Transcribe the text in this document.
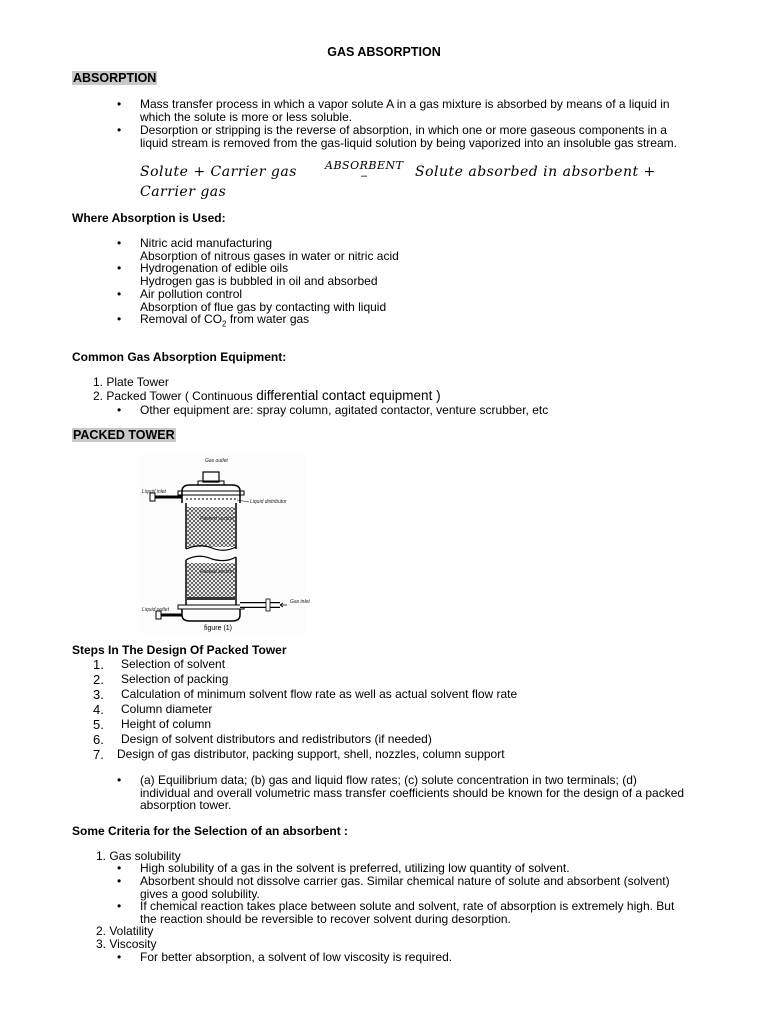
GAS ABSORPTION
ABSORPTION
• Mass transfer process in which a vapor solute A in a gas mixture is absorbed by means of a liquid in
which the solute is more or less soluble.
• Desorption or stripping is the reverse of absorption, in which one or more gaseous components in a
liquid stream is removed from the gas-liquid solution by being vaporized into an insoluble gas stream.
Solute + Carrier gas	ABSORBENT
–	Solute absorbed in absorbent +
Carrier gas
Where Absorption is Used:
• Nitric acid manufacturing
Absorption of nitrous gases in water or nitric acid
• Hydrogenation of edible oils
Hydrogen gas is bubbled in oil and absorbed
• Air pollution control
Absorption of flue gas by contacting with liquid
• Removal of $CO_2$ from water gas
Common Gas Absorption Equipment:
1. Plate Tower
2. Packed Tower ( Continuous differential contact equipment )
• Other equipment are: spray column, agitated contactor, venture scrubber, etc
PACKED TOWER
Gas outlet
Liquid inlet
Liquid distributor
Packed section
Packed section
Gas inlet
Liquid outlet
figure (1)
Steps In The Design Of Packed Tower
1. Selection of solvent
2. Selection of packing
3. Calculation of minimum solvent flow rate as well as actual solvent flow rate
4. Column diameter
5. Height of column
6. Design of solvent distributors and redistributors (if needed)
7. Design of gas distributor, packing support, shell, nozzles, column support
• (a) Equilibrium data; (b) gas and liquid flow rates; (c) solute concentration in two terminals; (d)
individual and overall volumetric mass transfer coefficients should be known for the design of a packed
absorption tower.
Some Criteria for the Selection of an absorbent :
1. Gas solubility
• High solubility of a gas in the solvent is preferred, utilizing low quantity of solvent.
• Absorbent should not dissolve carrier gas. Similar chemical nature of solute and absorbent (solvent)
gives a good solubility.
• If chemical reaction takes place between solute and solvent, rate of absorption is extremely high. But
the reaction should be reversible to recover solvent during desorption.
2. Volatility
3. Viscosity
• For better absorption, a solvent of low viscosity is required.
